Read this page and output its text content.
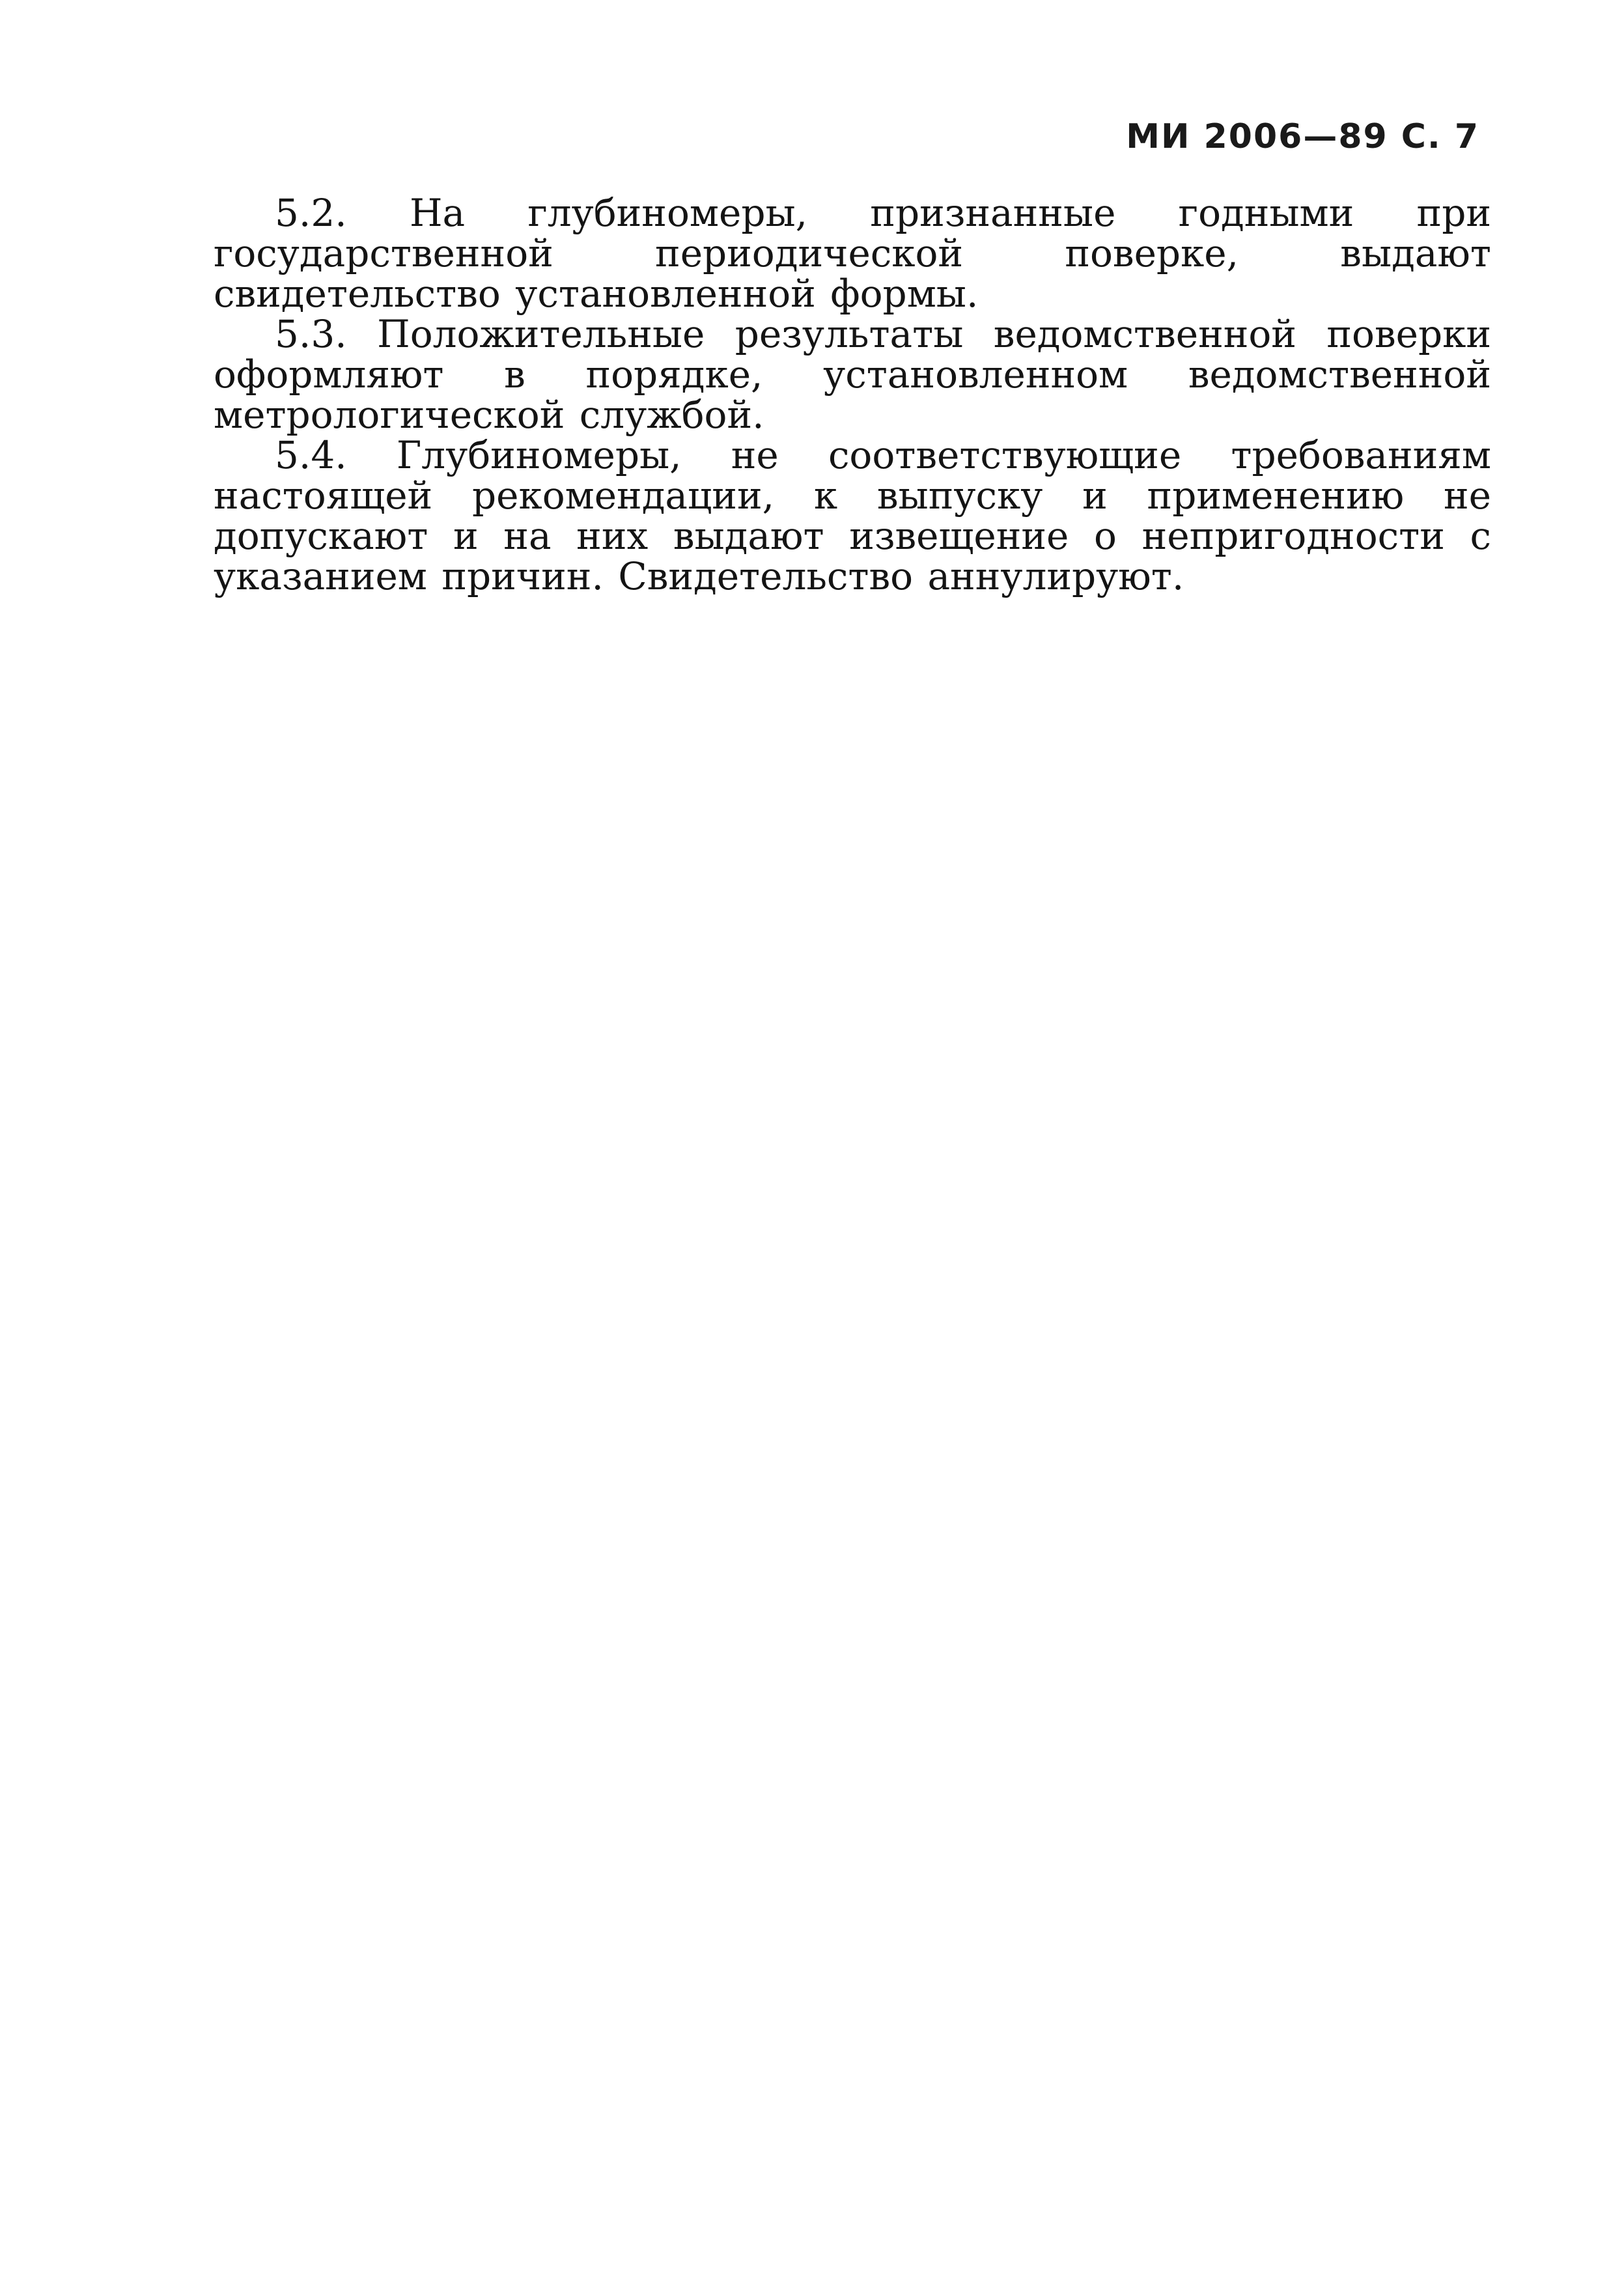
МИ 2006—89 С. 7

5.2. На глубиномеры, признанные годными при государственной периодической поверке, выдают свидетельство установленной формы.

5.3. Положительные результаты ведомственной поверки оформляют в порядке, установленном ведомственной метрологической службой.

5.4. Глубиномеры, не соответствующие требованиям настоящей рекомендации, к выпуску и применению не допускают и на них выдают извещение о непригодности с указанием причин. Свидетельство аннулируют.
